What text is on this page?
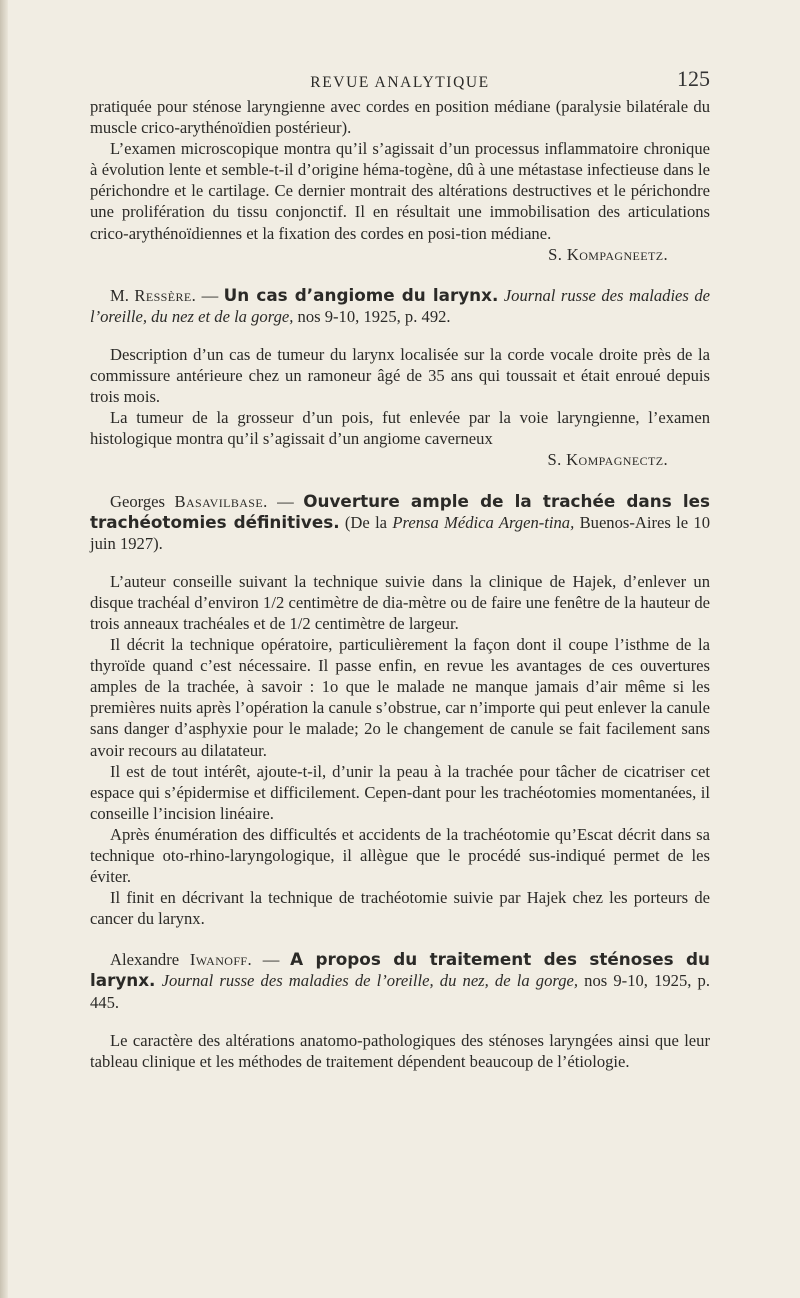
REVUE ANALYTIQUE	125

pratiquée pour sténose laryngienne avec cordes en position médiane (paralysie bilatérale du muscle crico-arythénoïdien postérieur).

L’examen microscopique montra qu’il s’agissait d’un processus inflammatoire chronique à évolution lente et semble-t-il d’origine héma-togène, dû à une métastase infectieuse dans le périchondre et le cartilage. Ce dernier montrait des altérations destructives et le périchondre une prolifération du tissu conjonctif. Il en résultait une immobilisation des articulations crico-arythénoïdiennes et la fixation des cordes en posi-tion médiane.

S. Kompagneetz.

M. Ressère. — Un cas d’angiome du larynx. Journal russe des maladies de l’oreille, du nez et de la gorge, nos 9-10, 1925, p. 492.

Description d’un cas de tumeur du larynx localisée sur la corde vocale droite près de la commissure antérieure chez un ramoneur âgé de 35 ans qui toussait et était enroué depuis trois mois.

La tumeur de la grosseur d’un pois, fut enlevée par la voie laryngienne, l’examen histologique montra qu’il s’agissait d’un angiome caverneux

S. Kompagnectz.

Georges Basavilbase. — Ouverture ample de la trachée dans les trachéotomies définitives. (De la Prensa Médica Argen-tina, Buenos-Aires le 10 juin 1927).

L’auteur conseille suivant la technique suivie dans la clinique de Hajek, d’enlever un disque trachéal d’environ 1/2 centimètre de dia-mètre ou de faire une fenêtre de la hauteur de trois anneaux trachéales et de 1/2 centimètre de largeur.

Il décrit la technique opératoire, particulièrement la façon dont il coupe l’isthme de la thyroïde quand c’est nécessaire. Il passe enfin, en revue les avantages de ces ouvertures amples de la trachée, à savoir : 1o que le malade ne manque jamais d’air même si les premières nuits après l’opération la canule s’obstrue, car n’importe qui peut enlever la canule sans danger d’asphyxie pour le malade; 2o le changement de canule se fait facilement sans avoir recours au dilatateur.

Il est de tout intérêt, ajoute-t-il, d’unir la peau à la trachée pour tâcher de cicatriser cet espace qui s’épidermise et difficilement. Cepen-dant pour les trachéotomies momentanées, il conseille l’incision linéaire.

Après énumération des difficultés et accidents de la trachéotomie qu’Escat décrit dans sa technique oto-rhino-laryngologique, il allègue que le procédé sus-indiqué permet de les éviter.

Il finit en décrivant la technique de trachéotomie suivie par Hajek chez les porteurs de cancer du larynx.

Alexandre Iwanoff. — A propos du traitement des sténoses du larynx. Journal russe des maladies de l’oreille, du nez, de la gorge, nos 9-10, 1925, p. 445.

Le caractère des altérations anatomo-pathologiques des sténoses laryngées ainsi que leur tableau clinique et les méthodes de traitement dépendent beaucoup de l’étiologie.
